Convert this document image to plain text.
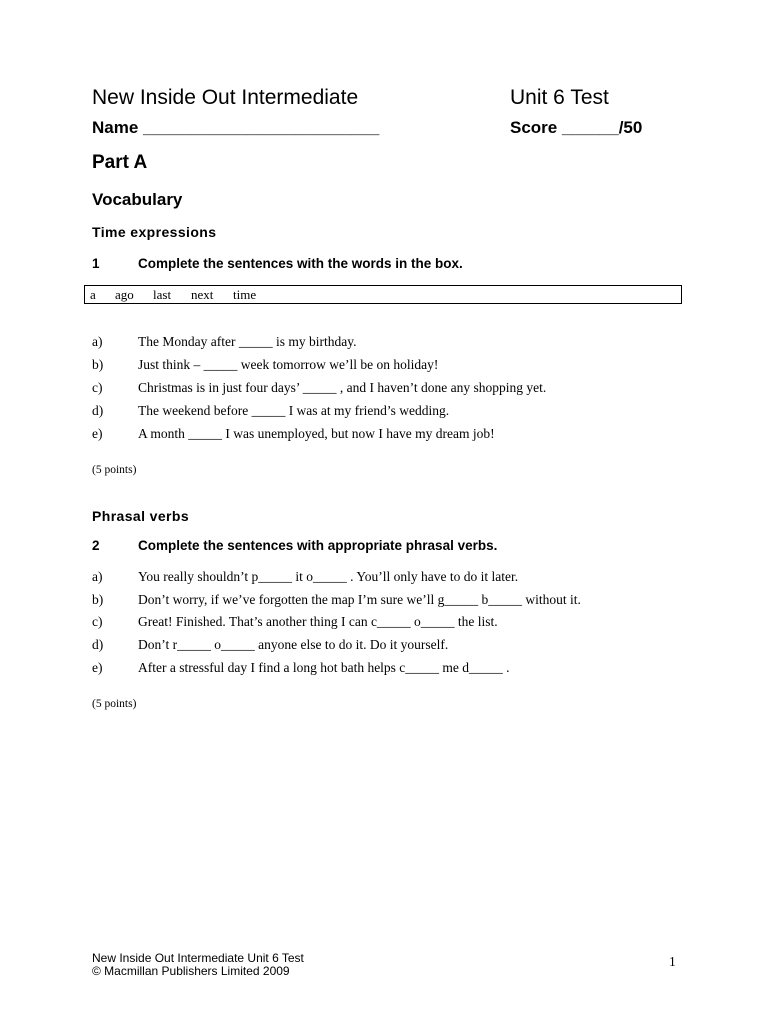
New Inside Out Intermediate	Unit 6 Test
Name _________________________	Score ______/50
Part A
Vocabulary
Time expressions
1	Complete the sentences with the words in the box.
a ago last next time
a)	The Monday after _____ is my birthday.
b)	Just think – _____ week tomorrow we’ll be on holiday!
c)	Christmas is in just four days’ _____ , and I haven’t done any shopping yet.
d)	The weekend before _____ I was at my friend’s wedding.
e)	A month _____ I was unemployed, but now I have my dream job!
(5 points)
Phrasal verbs
2	Complete the sentences with appropriate phrasal verbs.
a)	You really shouldn’t p_____ it o_____ . You’ll only have to do it later.
b)	Don’t worry, if we’ve forgotten the map I’m sure we’ll g_____ b_____ without it.
c)	Great! Finished. That’s another thing I can c_____ o_____ the list.
d)	Don’t r_____ o_____ anyone else to do it. Do it yourself.
e)	After a stressful day I find a long hot bath helps c_____ me d_____ .
(5 points)
New Inside Out Intermediate Unit 6 Test
© Macmillan Publishers Limited 2009
1
